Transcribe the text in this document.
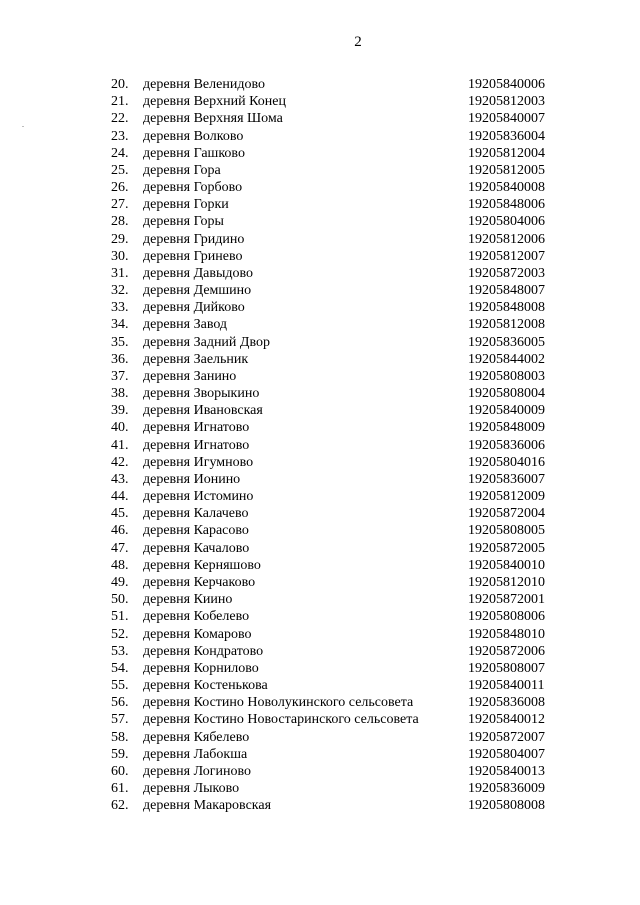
2
20. деревня Веленидово	19205840006
21. деревня Верхний Конец	19205812003
22. деревня Верхняя Шома	19205840007
23. деревня Волково	19205836004
24. деревня Гашково	19205812004
25. деревня Гора	19205812005
26. деревня Горбово	19205840008
27. деревня Горки	19205848006
28. деревня Горы	19205804006
29. деревня Гридино	19205812006
30. деревня Гринево	19205812007
31. деревня Давыдово	19205872003
32. деревня Демшино	19205848007
33. деревня Дийково	19205848008
34. деревня Завод	19205812008
35. деревня Задний Двор	19205836005
36. деревня Заельник	19205844002
37. деревня Занино	19205808003
38. деревня Зворыкино	19205808004
39. деревня Ивановская	19205840009
40. деревня Игнатово	19205848009
41. деревня Игнатово	19205836006
42. деревня Игумново	19205804016
43. деревня Ионино	19205836007
44. деревня Истомино	19205812009
45. деревня Калачево	19205872004
46. деревня Карасово	19205808005
47. деревня Качалово	19205872005
48. деревня Керняшово	19205840010
49. деревня Керчаково	19205812010
50. деревня Киино	19205872001
51. деревня Кобелево	19205808006
52. деревня Комарово	19205848010
53. деревня Кондратово	19205872006
54. деревня Корнилово	19205808007
55. деревня Костенькова	19205840011
56. деревня Костино Новолукинского сельсовета	19205836008
57. деревня Костино Новостаринского сельсовета	19205840012
58. деревня Кябелево	19205872007
59. деревня Лабокша	19205804007
60. деревня Логиново	19205840013
61. деревня Лыково	19205836009
62. деревня Макаровская	19205808008
